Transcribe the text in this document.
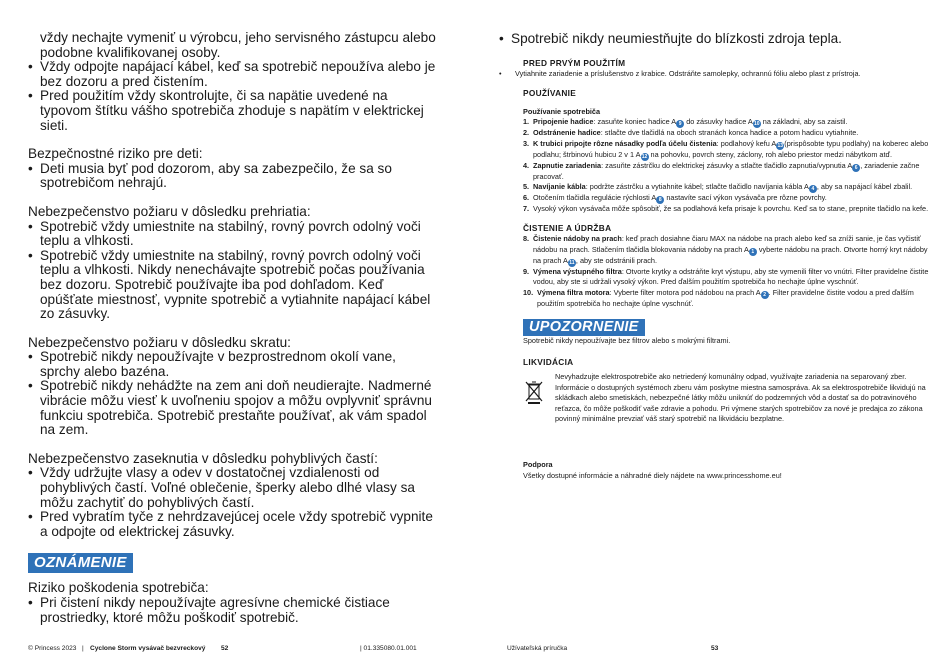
vždy nechajte vymeniť u výrobcu, jeho servisného zástupcu alebo podobne kvalifikovanej osoby.

• Vždy odpojte napájací kábel, keď sa spotrebič nepoužíva alebo je bez dozoru a pred čistením.
• Pred použitím vždy skontrolujte, či sa napätie uvedené na typovom štítku vášho spotrebiča zhoduje s napätím v elektrickej sieti.

Bezpečnostné riziko pre deti:

• Deti musia byť pod dozorom, aby sa zabezpečilo, že sa so spotrebičom nehrajú.

Nebezpečenstvo požiaru v dôsledku prehriatia:

• Spotrebič vždy umiestnite na stabilný, rovný povrch odolný voči teplu a vlhkosti.
• Spotrebič vždy umiestnite na stabilný, rovný povrch odolný voči teplu a vlhkosti. Nikdy nenechávajte spotrebič počas používania bez dozoru. Spotrebič používajte iba pod dohľadom. Keď opúšťate miestnosť, vypnite spotrebič a vytiahnite napájací kábel zo zásuvky.

Nebezpečenstvo požiaru v dôsledku skratu:

• Spotrebič nikdy nepoužívajte v bezprostrednom okolí vane, sprchy alebo bazéna.
• Spotrebič nikdy nehádžte na zem ani doň neudierajte. Nadmerné vibrácie môžu viesť k uvoľneniu spojov a môžu ovplyvniť správnu funkciu spotrebiča. Spotrebič prestaňte používať, ak vám spadol na zem.

Nebezpečenstvo zaseknutia v dôsledku pohyblivých častí:

• Vždy udržujte vlasy a odev v dostatočnej vzdialenosti od pohyblivých častí. Voľné oblečenie, šperky alebo dlhé vlasy sa môžu zachytiť do pohyblivých častí.
• Pred vybratím tyče z nehrdzavejúcej ocele vždy spotrebič vypnite a odpojte od elektrickej zásuvky.
OZNÁMENIE

Riziko poškodenia spotrebiča:

• Pri čistení nikdy nepoužívajte agresívne chemické čistiace prostriedky, ktoré môžu poškodiť spotrebič.
© Princess 2023 | Cyclone Storm vysávač bezvreckový 52	| 01.335080.01.001

• Spotrebič nikdy neumiestňujte do blízkosti zdroja tepla.

PRED PRVÝM POUŽITÍM
• Vytiahnite zariadenie a príslušenstvo z krabice. Odstráňte samolepky, ochrannú fóliu alebo plast z prístroja.
POUŽÍVANIE

Používanie spotrebiča

1. Pripojenie hadice: zasuňte koniec hadice A 9 do zásuvky hadice A10 na základni, aby sa zaistil.
2. Odstránenie hadice: stlačte dve tlačidlá na oboch stranách konca hadice a potom hadicu vytiahnite.
3. K trubici pripojte rôzne násadky podľa účelu čistenia: podlahový kefu A13(prispôsobte typu podlahy) na koberec alebo podlahu; štrbinovú hubicu 2 v 1 A12 na pohovku, povrch steny, záclony, roh alebo priestor medzi nábytkom atď.
4. Zapnutie zariadenia: zasuňte zástrčku do elektrickej zásuvky a stlačte tlačidlo zapnutia/vypnutia A 6 , zariadenie začne pracovať.
5. Navíjanie kábla: podržte zástrčku a vytiahnite kábel; stlačte tlačidlo navíjania kábla A 4 , aby sa napájací kábel zbalil.
6. Otočením tlačidla regulácie rýchlosti A 8 nastavíte sací výkon vysávača pre rôzne povrchy.
7. Vysoký výkon vysávača môže spôsobiť, že sa podlahová kefa prisaje k povrchu. Keď sa to stane, prepnite tlačidlo na kefe.
ČISTENIE A ÚDRŽBA
8. Čistenie nádoby na prach: keď prach dosiahne čiaru MAX na nádobe na prach alebo keď sa zníži sanie, je čas vyčistiť nádobu na prach. Stlačením tlačidla blokovania nádoby na prach A 1 vyberte nádobu na prach. Otvorte horný kryt nádoby na prach A11, aby ste odstránili prach.
9. Výmena výstupného filtra: Otvorte krytky a odstráňte kryt výstupu, aby ste vymenili filter vo vnútri. Filter pravidelne čistite vodou, aby ste si udržali vysoký výkon. Pred ďalším použitím spotrebiča ho nechajte úplne vyschnúť.
10. Výmena filtra motora: Vyberte filter motora pod nádobou na prach A 2 . Filter pravidelne čistite vodou a pred ďalším použitím spotrebiča ho nechajte úplne vyschnúť.
UPOZORNENIE

Spotrebič nikdy nepoužívajte bez filtrov alebo s mokrými filtrami.

LIKVIDÁCIA

Nevyhadzujte elektrospotrebiče ako netriedený komunálny odpad, využívajte zariadenia na separovaný zber. Informácie o dostupných systémoch zberu vám poskytne miestna samospráva. Ak sa elektrospotrebiče likvidujú na skládkach alebo smetiskách, nebezpečné látky môžu uniknúť do podzemných vôd a dostať sa do potravinového reťazca, čo môže poškodiť vaše zdravie a pohodu. Pri výmene starých spotrebičov za nové je predajca zo zákona povinný minimálne prevziať váš starý spotrebič na likvidáciu bezplatne.

Podpora

Všetky dostupné informácie a náhradné diely nájdete na www.princesshome.eu!

Užívateľská príručka	53
